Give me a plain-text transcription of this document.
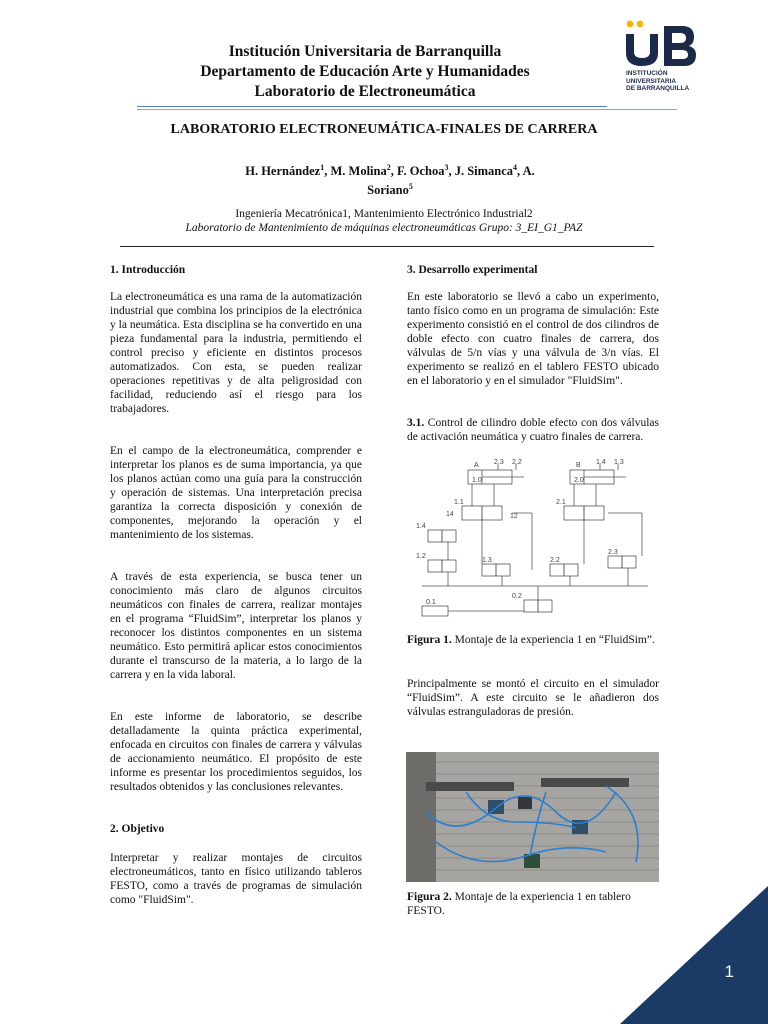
Institución Universitaria de Barranquilla
Departamento de Educación Arte y Humanidades
Laboratorio de Electroneumática
INSTITUCIÓN
UNIVERSITARIA
DE BARRANQUILLA
LABORATORIO ELECTRONEUMÁTICA-FINALES DE CARRERA
H. Hernández$^1$, M. Molina$^2$, F. Ochoa$^3$, J. Simanca$^4$, A.
Soriano$^5$
Ingeniería Mecatrónica1, Mantenimiento Electrónico Industrial2
Laboratorio de Mantenimiento de máquinas electroneumáticas Grupo: 3_EI_G1_PAZ
1. Introducción

La electroneumática es una rama de la automatización industrial que combina los principios de la electrónica y la neumática. Esta disciplina se ha convertido en una pieza fundamental para la industria, permitiendo el control preciso y eficiente en distintos procesos automatizados. Con esta, se pueden realizar operaciones repetitivas y de alta peligrosidad con facilidad, reduciendo así el riesgo para los trabajadores.

En el campo de la electroneumática, comprender e interpretar los planos es de suma importancia, ya que los planos actúan como una guía para la construcción y operación de sistemas. Una interpretación precisa garantiza la correcta disposición y conexión de componentes, mejorando la operación y el mantenimiento de los sistemas.

A través de esta experiencia, se busca tener un conocimiento más claro de algunos circuitos neumáticos con finales de carrera, realizar montajes en el programa “FluidSim”, interpretar los planos y reconocer los distintos componentes en un sistema neumático. Esto permitirá aplicar estos conocimientos durante el transcurso de la materia, a lo largo de la carrera y en la vida laboral.

En este informe de laboratorio, se describe detalladamente la quinta práctica experimental, enfocada en circuitos con finales de carrera y válvulas de accionamiento neumático. El propósito de este informe es presentar los procedimientos seguidos, los resultados obtenidos y las conclusiones relevantes.

2. Objetivo

Interpretar y realizar montajes de circuitos electroneumáticos, tanto en físico utilizando tableros FESTO, como a través de programas de simulación como "FluidSim".

3. Desarrollo experimental

En este laboratorio se llevó a cabo un experimento, tanto físico como en un programa de simulación: Este experimento consistió en el control de dos cilindros de doble efecto con cuatro finales de carrera, dos válvulas de 5/n vías y una válvula de 3/n vías. El experimento se realizó en el tablero FESTO ubicado en el laboratorio y en el simulador "FluidSim".

3.1. Control de cilindro doble efecto con dos válvulas de activación neumática y cuatro finales de carrera.

A
1.0
2.3 2.2	B
2.0
1.4 1.3
1.1	2.1
14	12
1.4
1.2
1.3	2.2
2.3
0.2
0.1
Figura 1. Montaje de la experiencia 1 en “FluidSim”.

Principalmente se montó el circuito en el simulador “FluidSim”. A este circuito se le añadieron dos válvulas estranguladoras de presión.

Figura 2. Montaje de la experiencia 1 en tablero FESTO.
1
